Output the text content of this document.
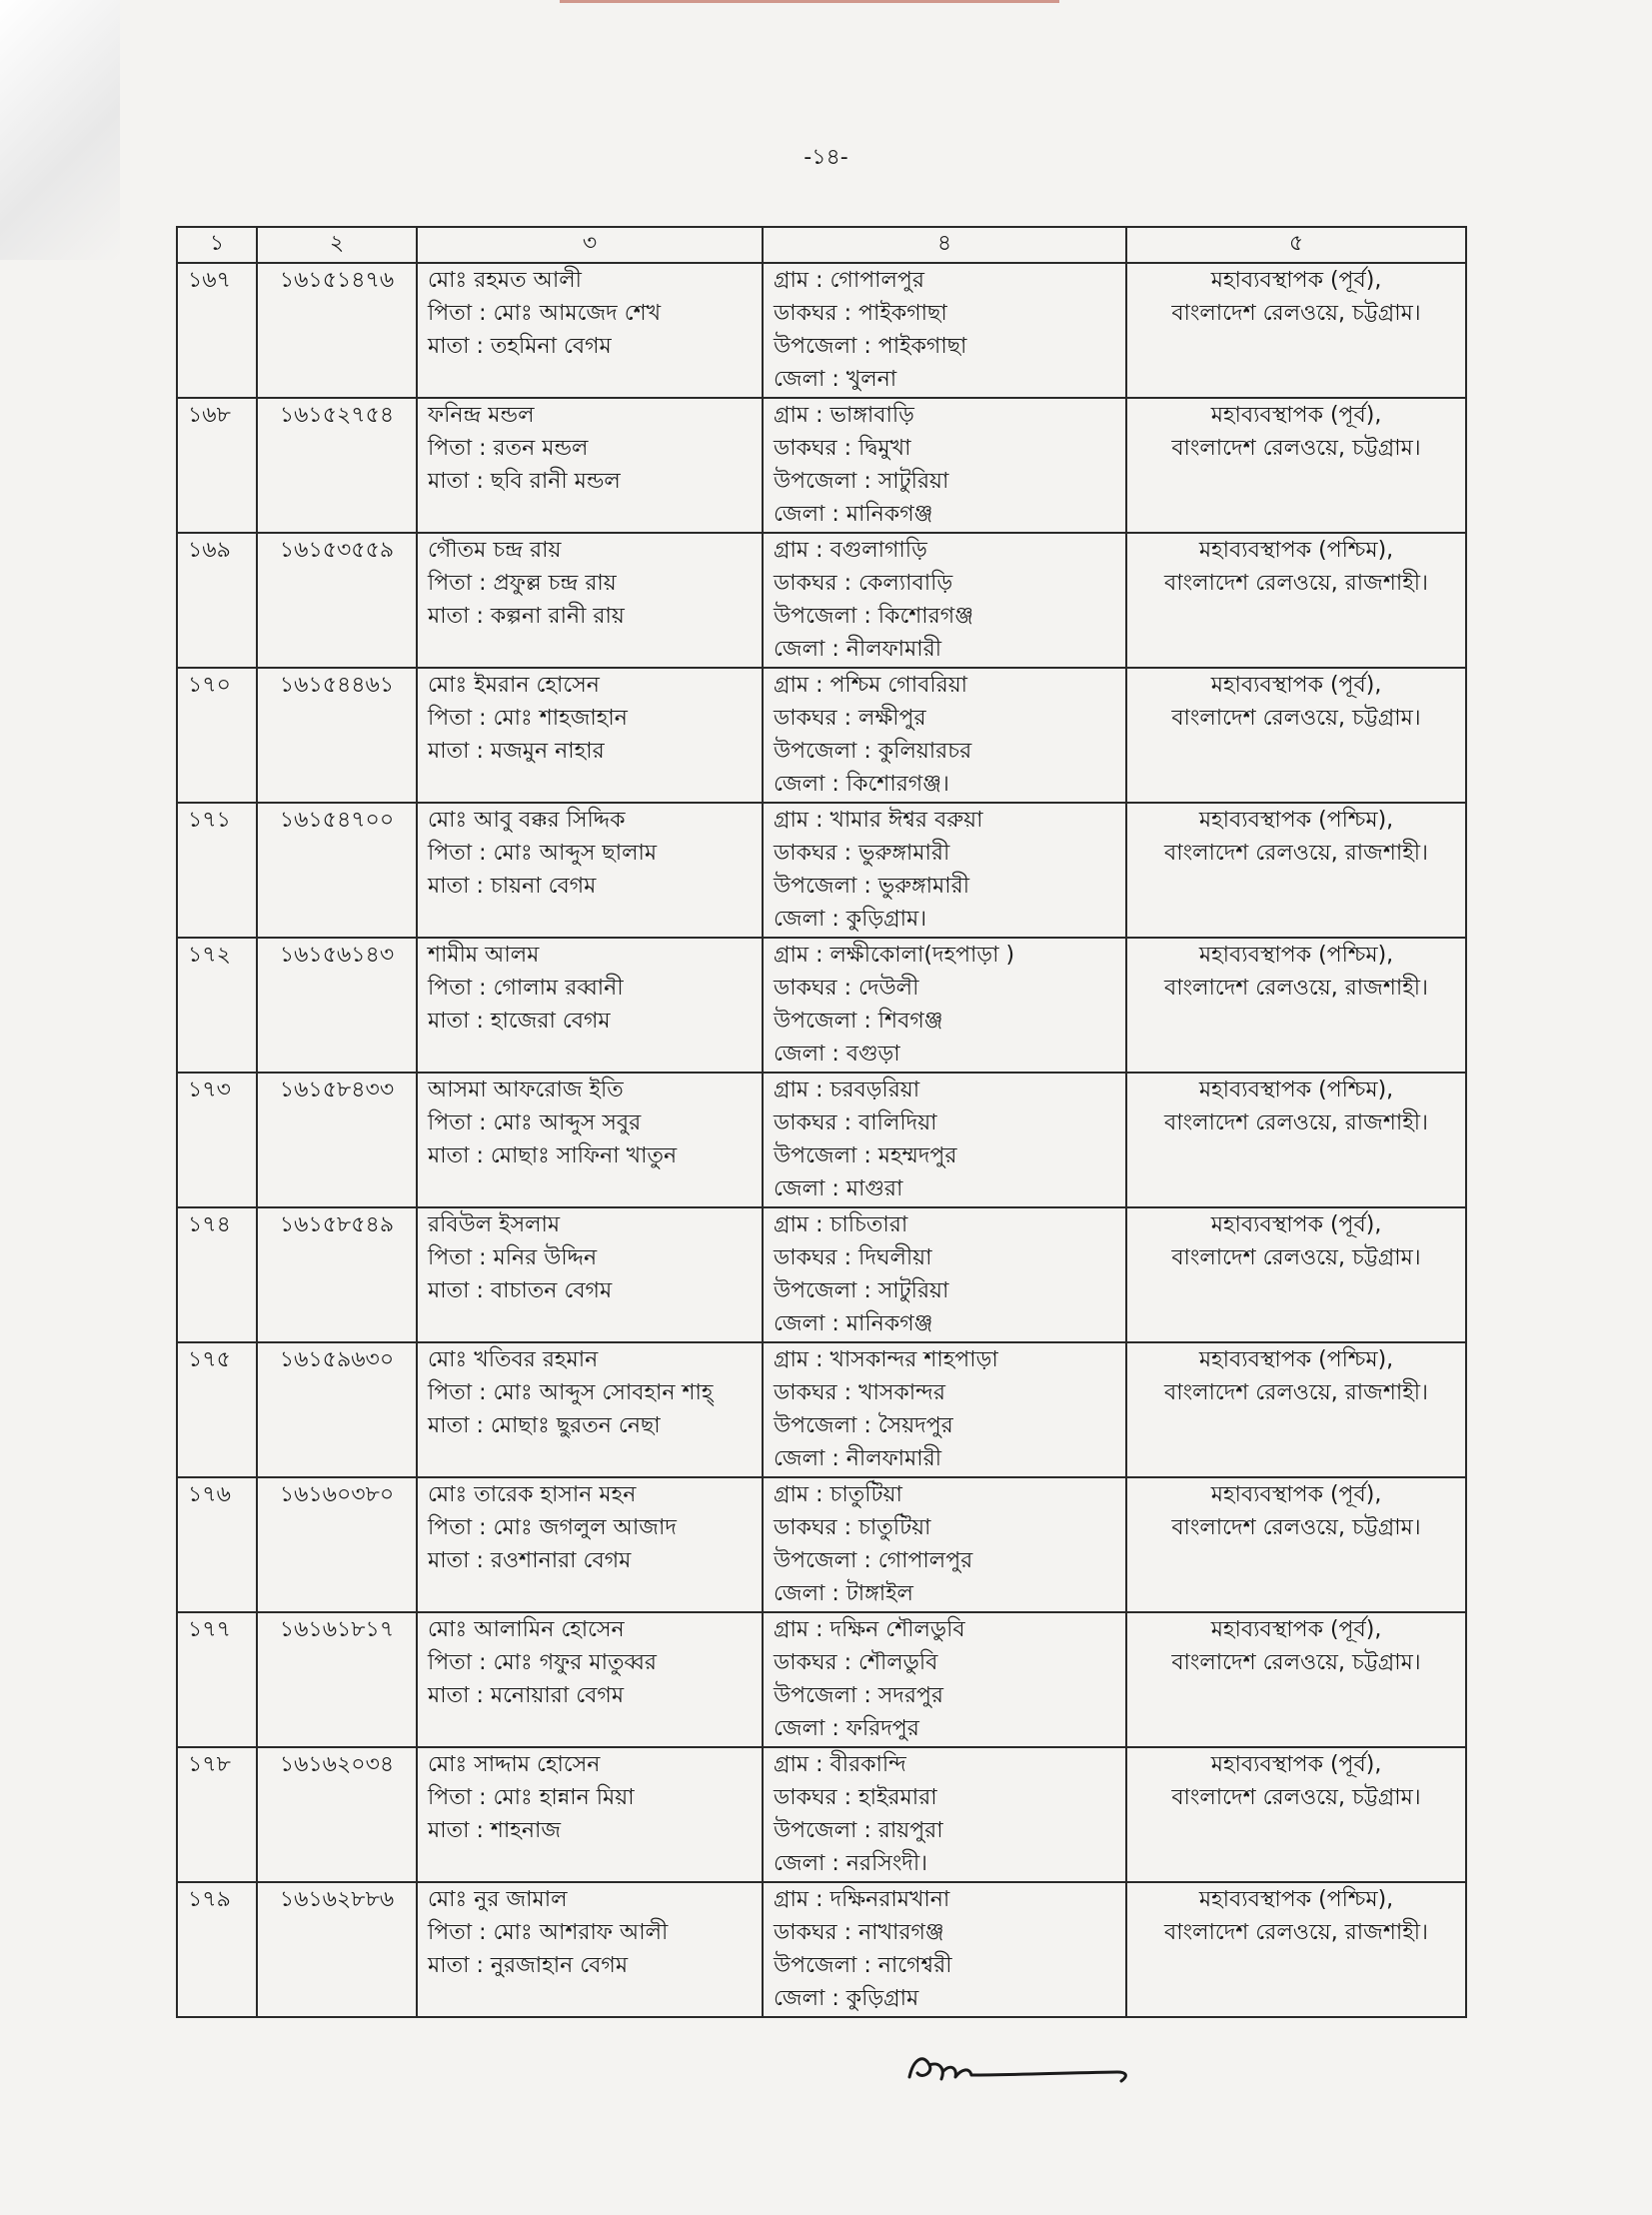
-১৪-
১	২	৩	৪	৫
১৬৭	১৬১৫১৪৭৬	মোঃ রহমত আলী
পিতা : মোঃ আমজেদ শেখ
মাতা : তহমিনা বেগম	গ্রাম : গোপালপুর
ডাকঘর : পাইকগাছা
উপজেলা : পাইকগাছা
জেলা : খুলনা	মহাব্যবস্থাপক (পূর্ব),
বাংলাদেশ রেলওয়ে, চট্টগ্রাম।

১৬৮	১৬১৫২৭৫৪	ফনিন্দ্র মন্ডল
পিতা : রতন মন্ডল
মাতা : ছবি রানী মন্ডল	গ্রাম : ভাঙ্গাবাড়ি
ডাকঘর : দ্বিমুখা
উপজেলা : সাটুরিয়া
জেলা : মানিকগঞ্জ	মহাব্যবস্থাপক (পূর্ব),
বাংলাদেশ রেলওয়ে, চট্টগ্রাম।

১৬৯	১৬১৫৩৫৫৯	গৌতম চন্দ্র রায়
পিতা : প্রফুল্ল চন্দ্র রায়
মাতা : কল্পনা রানী রায়	গ্রাম : বগুলাগাড়ি
ডাকঘর : কেল্যাবাড়ি
উপজেলা : কিশোরগঞ্জ
জেলা : নীলফামারী	মহাব্যবস্থাপক (পশ্চিম),
বাংলাদেশ রেলওয়ে, রাজশাহী।

১৭০	১৬১৫৪৪৬১	মোঃ ইমরান হোসেন
পিতা : মোঃ শাহজাহান
মাতা : মজমুন নাহার	গ্রাম : পশ্চিম গোবরিয়া
ডাকঘর : লক্ষীপুর
উপজেলা : কুলিয়ারচর
জেলা : কিশোরগঞ্জ।	মহাব্যবস্থাপক (পূর্ব),
বাংলাদেশ রেলওয়ে, চট্টগ্রাম।

১৭১	১৬১৫৪৭০০	মোঃ আবু বক্কর সিদ্দিক
পিতা : মোঃ আব্দুস ছালাম
মাতা : চায়না বেগম	গ্রাম : খামার ঈশ্বর বরুয়া
ডাকঘর : ভুরুঙ্গামারী
উপজেলা : ভুরুঙ্গামারী
জেলা : কুড়িগ্রাম।	মহাব্যবস্থাপক (পশ্চিম),
বাংলাদেশ রেলওয়ে, রাজশাহী।

১৭২	১৬১৫৬১৪৩	শামীম আলম
পিতা : গোলাম রব্বানী
মাতা : হাজেরা বেগম	গ্রাম : লক্ষীকোলা(দহপাড়া )
ডাকঘর : দেউলী
উপজেলা : শিবগঞ্জ
জেলা : বগুড়া	মহাব্যবস্থাপক (পশ্চিম),
বাংলাদেশ রেলওয়ে, রাজশাহী।

১৭৩	১৬১৫৮৪৩৩	আসমা আফরোজ ইতি
পিতা : মোঃ আব্দুস সবুর
মাতা : মোছাঃ সাফিনা খাতুন	গ্রাম : চরবড়রিয়া
ডাকঘর : বালিদিয়া
উপজেলা : মহম্মদপুর
জেলা : মাগুরা	মহাব্যবস্থাপক (পশ্চিম),
বাংলাদেশ রেলওয়ে, রাজশাহী।

১৭৪	১৬১৫৮৫৪৯	রবিউল ইসলাম
পিতা : মনির উদ্দিন
মাতা : বাচাতন বেগম	গ্রাম : চাচিতারা
ডাকঘর : দিঘলীয়া
উপজেলা : সাটুরিয়া
জেলা : মানিকগঞ্জ	মহাব্যবস্থাপক (পূর্ব),
বাংলাদেশ রেলওয়ে, চট্টগ্রাম।

১৭৫	১৬১৫৯৬৩০	মোঃ খতিবর রহমান
পিতা : মোঃ আব্দুস সোবহান শাহ্
মাতা : মোছাঃ ছুরতন নেছা	গ্রাম : খাসকান্দর শাহপাড়া
ডাকঘর : খাসকান্দর
উপজেলা : সৈয়দপুর
জেলা : নীলফামারী	মহাব্যবস্থাপক (পশ্চিম),
বাংলাদেশ রেলওয়ে, রাজশাহী।

১৭৬	১৬১৬০৩৮০	মোঃ তারেক হাসান মহন
পিতা : মোঃ জগলুল আজাদ
মাতা : রওশানারা বেগম	গ্রাম : চাতুটিয়া
ডাকঘর : চাতুটিয়া
উপজেলা : গোপালপুর
জেলা : টাঙ্গাইল	মহাব্যবস্থাপক (পূর্ব),
বাংলাদেশ রেলওয়ে, চট্টগ্রাম।

১৭৭	১৬১৬১৮১৭	মোঃ আলামিন হোসেন
পিতা : মোঃ গফুর মাতুব্বর
মাতা : মনোয়ারা বেগম	গ্রাম : দক্ষিন শৌলডুবি
ডাকঘর : শৌলডুবি
উপজেলা : সদরপুর
জেলা : ফরিদপুর	মহাব্যবস্থাপক (পূর্ব),
বাংলাদেশ রেলওয়ে, চট্টগ্রাম।

১৭৮	১৬১৬২০৩৪	মোঃ সাদ্দাম হোসেন
পিতা : মোঃ হান্নান মিয়া
মাতা : শাহনাজ	গ্রাম : বীরকান্দি
ডাকঘর : হাইরমারা
উপজেলা : রায়পুরা
জেলা : নরসিংদী।	মহাব্যবস্থাপক (পূর্ব),
বাংলাদেশ রেলওয়ে, চট্টগ্রাম।

১৭৯	১৬১৬২৮৮৬	মোঃ নুর জামাল
পিতা : মোঃ আশরাফ আলী
মাতা : নুরজাহান বেগম	গ্রাম : দক্ষিনরামখানা
ডাকঘর : নাখারগঞ্জ
উপজেলা : নাগেশ্বরী
জেলা : কুড়িগ্রাম	মহাব্যবস্থাপক (পশ্চিম),
বাংলাদেশ রেলওয়ে, রাজশাহী।
